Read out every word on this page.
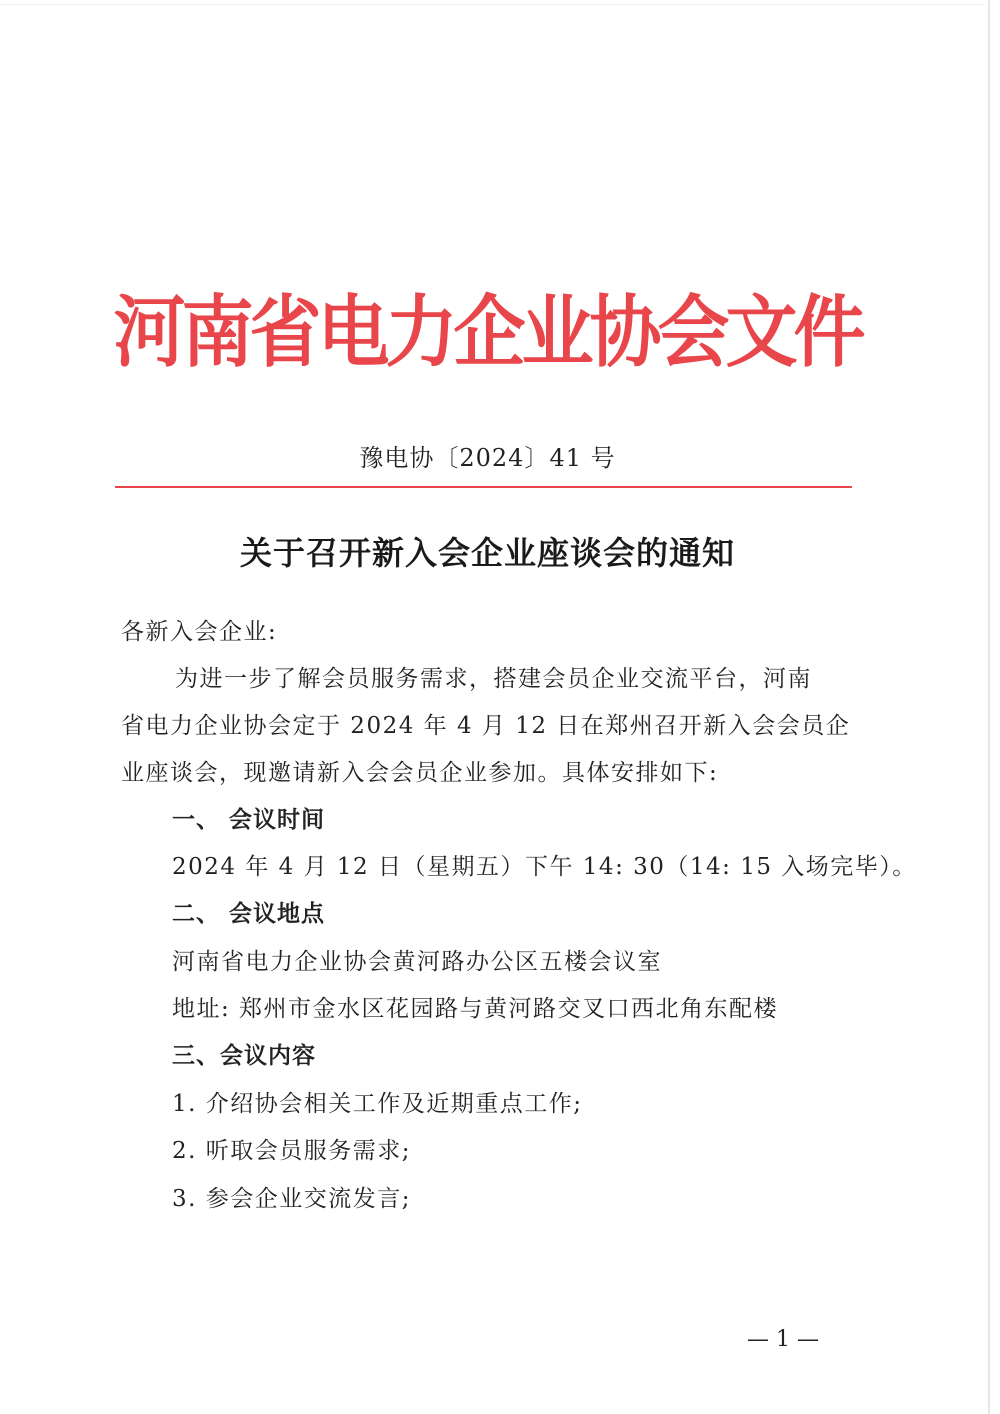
河南省电力企业协会文件
豫电协〔2024〕41 号
关于召开新入会企业座谈会的通知
各新入会企业:
为进一步了解会员服务需求，搭建会员企业交流平台，河南
省电力企业协会定于 2024 年 4 月 12 日在郑州召开新入会会员企
业座谈会，现邀请新入会会员企业参加。具体安排如下:
一、 会议时间
2024 年 4 月 12 日（星期五）下午 14: 30（14: 15 入场完毕）。
二、 会议地点
河南省电力企业协会黄河路办公区五楼会议室
地址: 郑州市金水区花园路与黄河路交叉口西北角东配楼
三、会议内容
1. 介绍协会相关工作及近期重点工作;
2. 听取会员服务需求;
3. 参会企业交流发言;
— 1 —
